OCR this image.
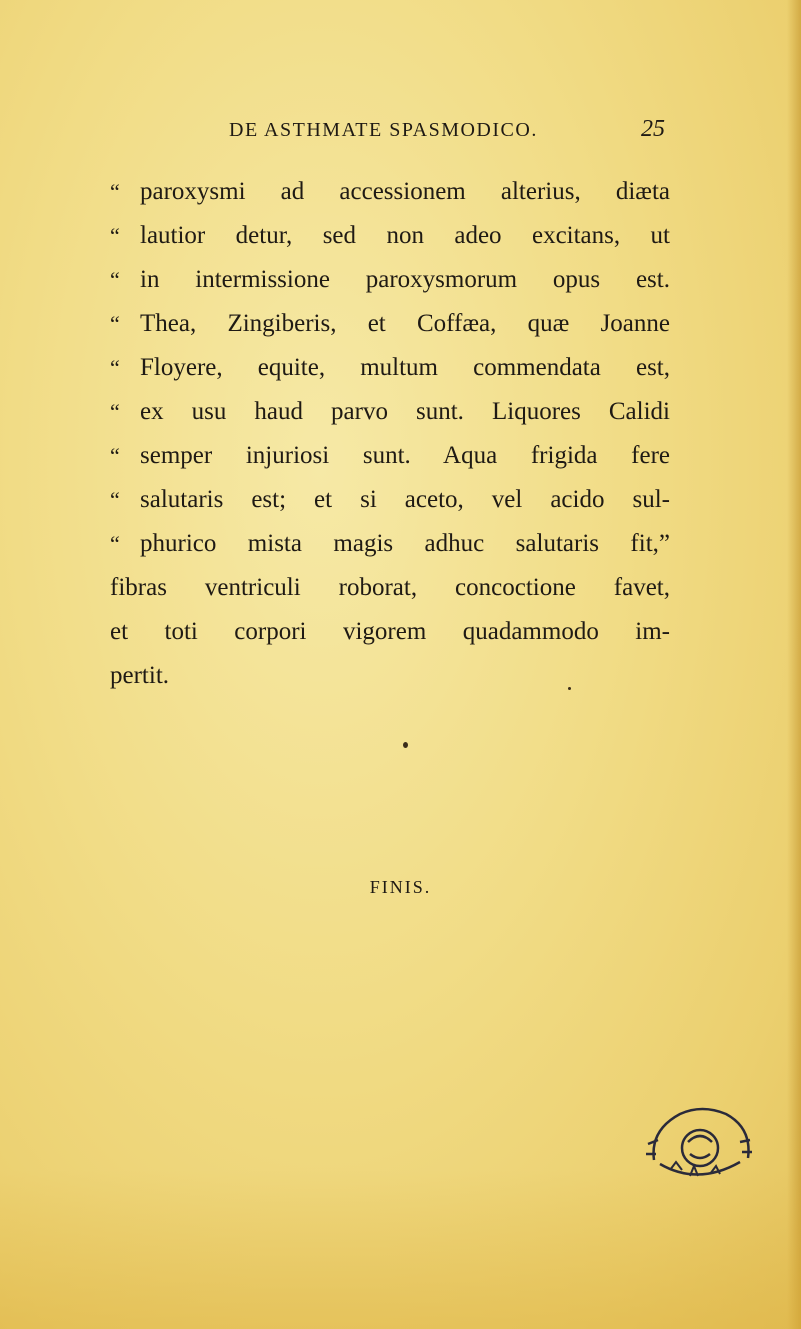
DE ASTHMATE SPASMODICO.	25
“ paroxysmi ad accessionem alterius, diæta
“ lautior detur, sed non adeo excitans, ut
“ in intermissione paroxysmorum opus est.
“ Thea, Zingiberis, et Coffæa, quæ Joanne
“ Floyere, equite, multum commendata est,
“ ex usu haud parvo sunt. Liquores Calidi
“ semper injuriosi sunt. Aqua frigida fere
“ salutaris est; et si aceto, vel acido sul-
“ phurico mista magis adhuc salutaris fit,”
fibras ventriculi roborat, concoctione favet,
et toti corpori vigorem quadammodo im-
pertit.
FINIS.
